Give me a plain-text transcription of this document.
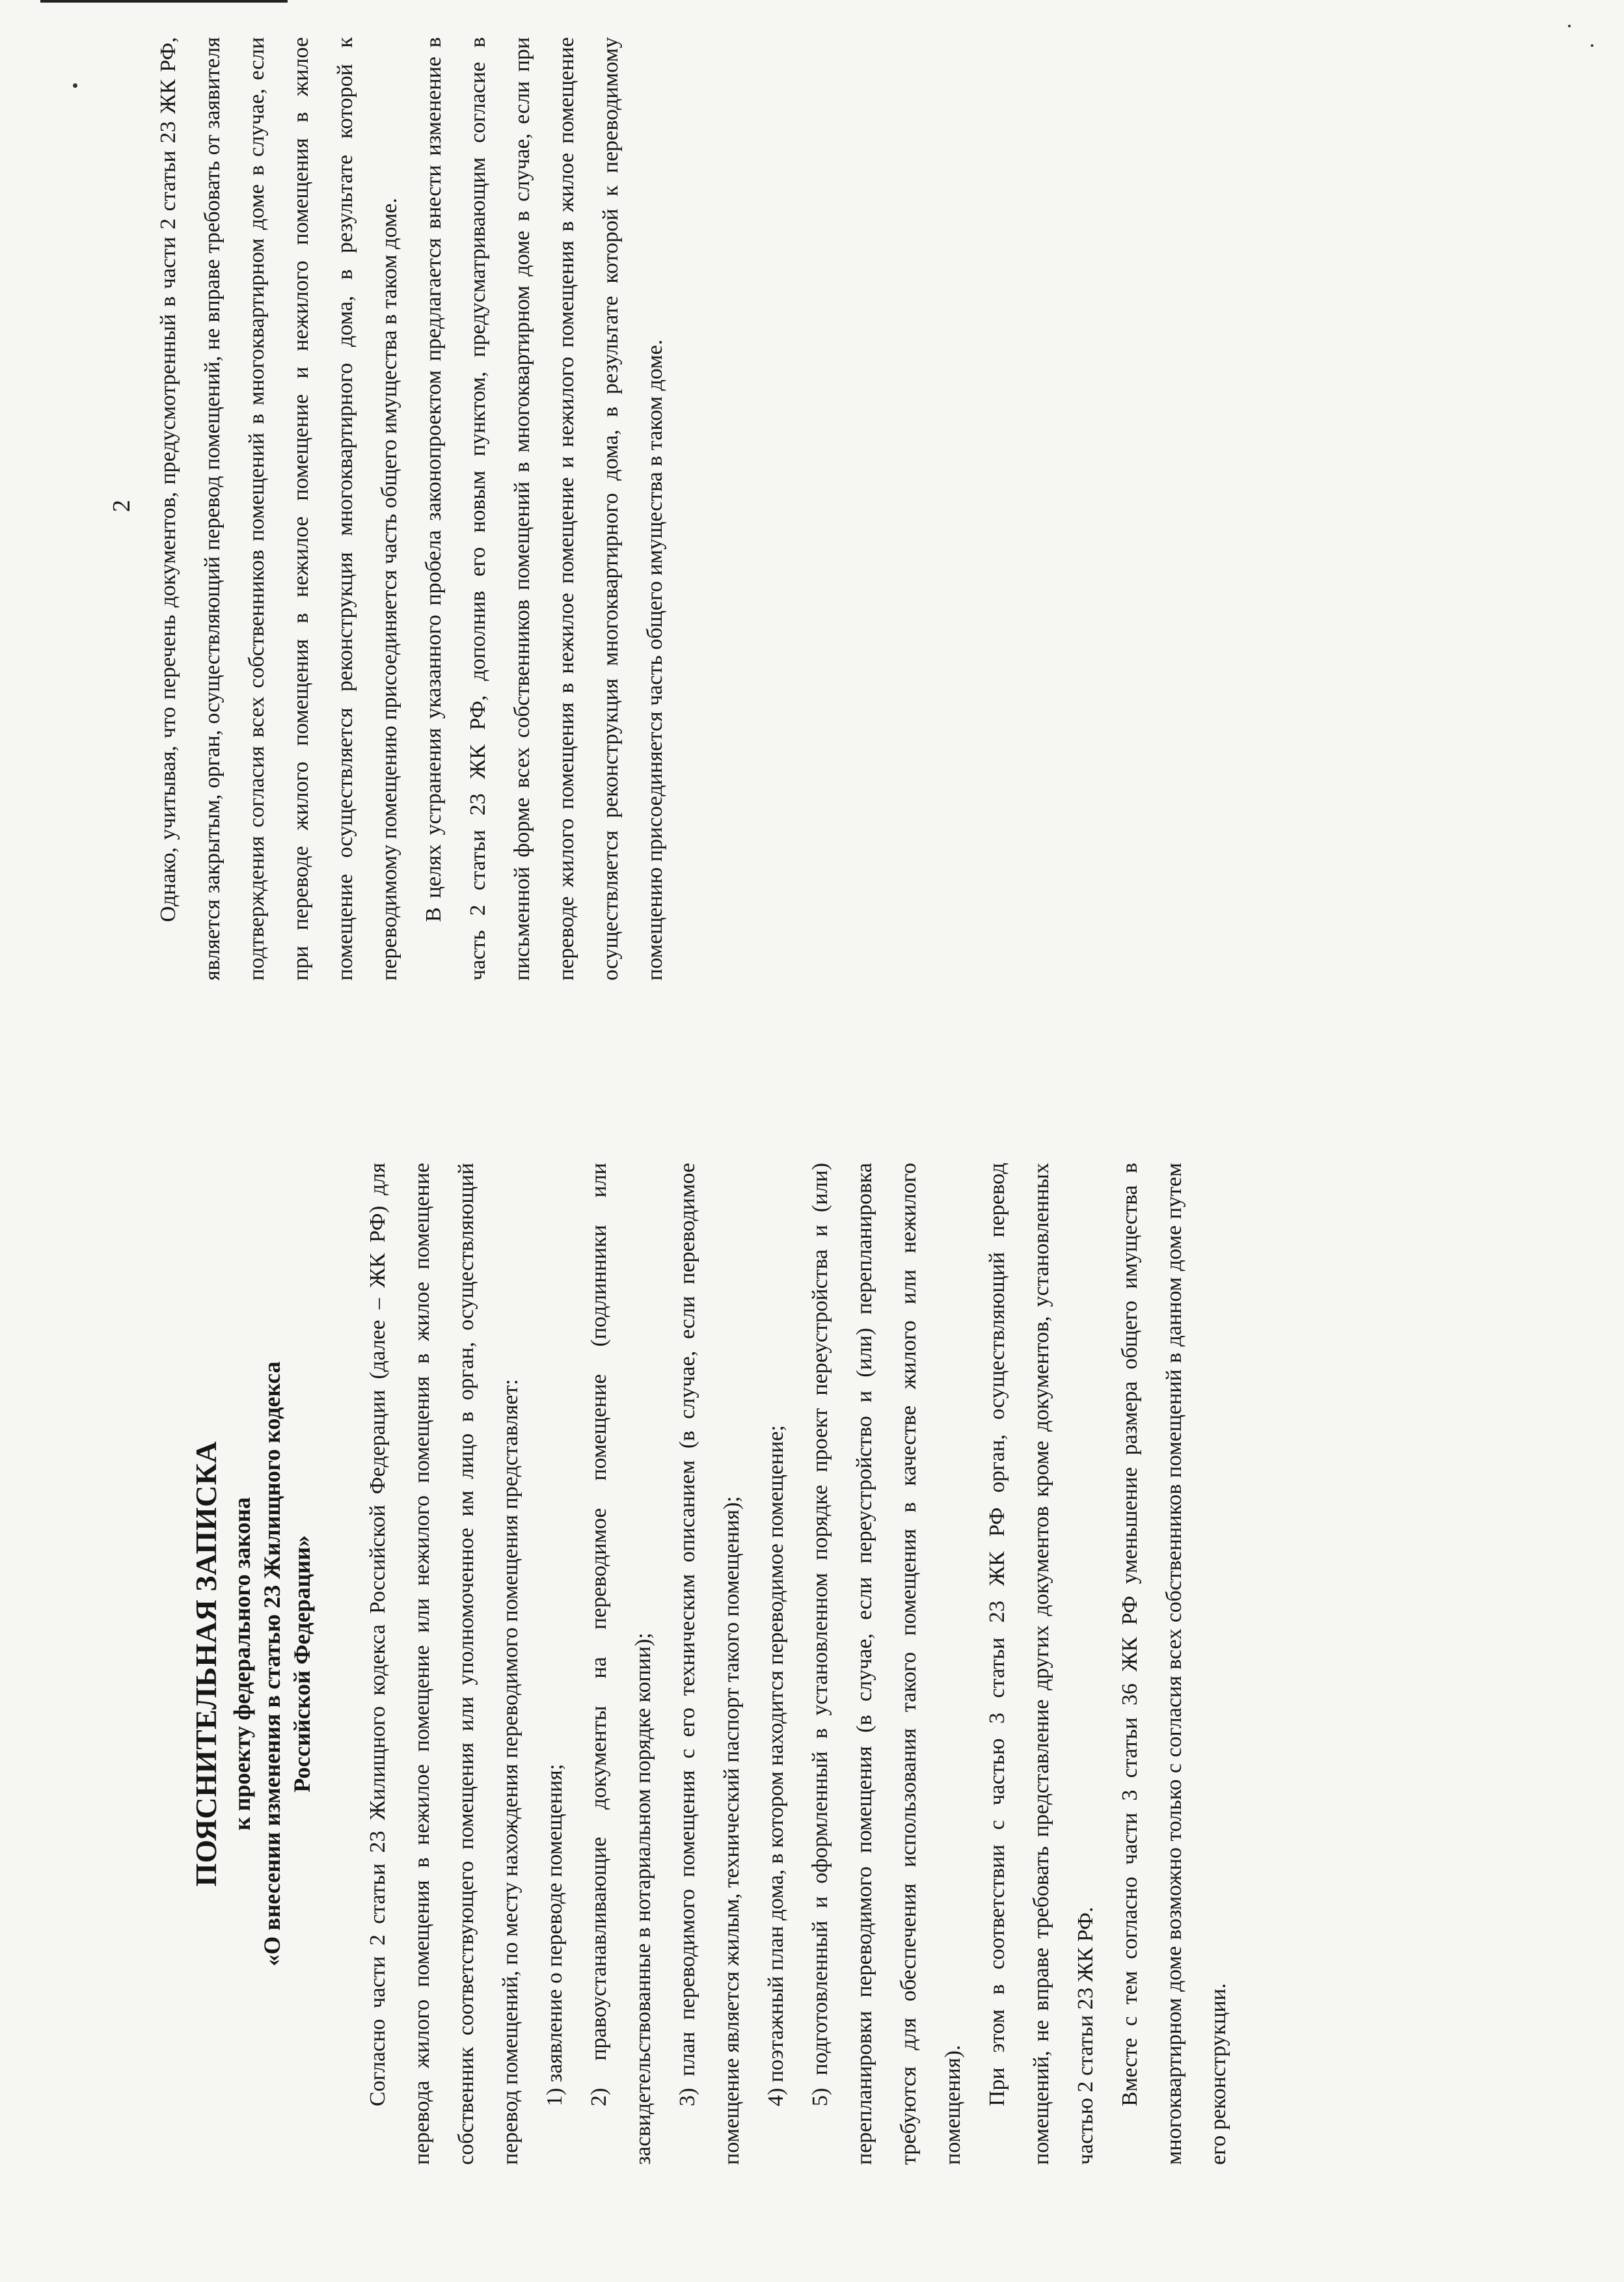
ПОЯСНИТЕЛЬНАЯ ЗАПИСКА к проекту федерального закона «О внесении изменения в статью 23 Жилищного кодекса Российской Федерации»	Согласно части 2 статьи 23 Жилищного кодекса Российской Федерации (далее – ЖК РФ) для перевода жилого помещения в нежилое помещение или нежилого помещения в жилое помещение собственник соответствующего помещения или уполномоченное им лицо в орган, осуществляющий перевод помещений, по месту нахождения переводимого помещения представляет: 1) заявление о переводе помещения; 2) правоустанавливающие документы на переводимое помещение (подлинники или засвидетельствованные в нотариальном порядке копии); 3) план переводимого помещения с его техническим описанием (в случае, если переводимое помещение является жилым, технический паспорт такого помещения); 4) поэтажный план дома, в котором находится переводимое помещение; 5) подготовленный и оформленный в установленном порядке проект переустройства и (или) перепланировки переводимого помещения (в случае, если переустройство и (или) перепланировка требуются для обеспечения использования такого помещения в качестве жилого или нежилого помещения). При этом в соответствии с частью 3 статьи 23 ЖК РФ орган, осуществляющий перевод помещений, не вправе требовать представление других документов кроме документов, установленных частью 2 статьи 23 ЖК РФ. Вместе с тем согласно части 3 статьи 36 ЖК РФ уменьшение размера общего имущества в многоквартирном доме возможно только с согласия всех собственников помещений в данном доме путем его реконструкции.

2 Однако, учитывая, что перечень документов, предусмотренный в части 2 статьи 23 ЖК РФ, является закрытым, орган, осуществляющий перевод помещений, не вправе требовать от заявителя подтверждения согласия всех собственников помещений в многоквартирном доме в случае, если при переводе жилого помещения в нежилое помещение и нежилого помещения в жилое помещение осуществляется реконструкция многоквартирного дома, в результате которой к переводимому помещению присоединяется часть общего имущества в таком доме. В целях устранения указанного пробела законопроектом предлагается внести изменение в часть 2 статьи 23 ЖК РФ, дополнив его новым пунктом, предусматривающим согласие в письменной форме всех собственников помещений в многоквартирном доме в случае, если при переводе жилого помещения в нежилое помещение и нежилого помещения в жилое помещение осуществляется реконструкция многоквартирного дома, в результате которой к переводимому помещению присоединяется часть общего имущества в таком доме.
